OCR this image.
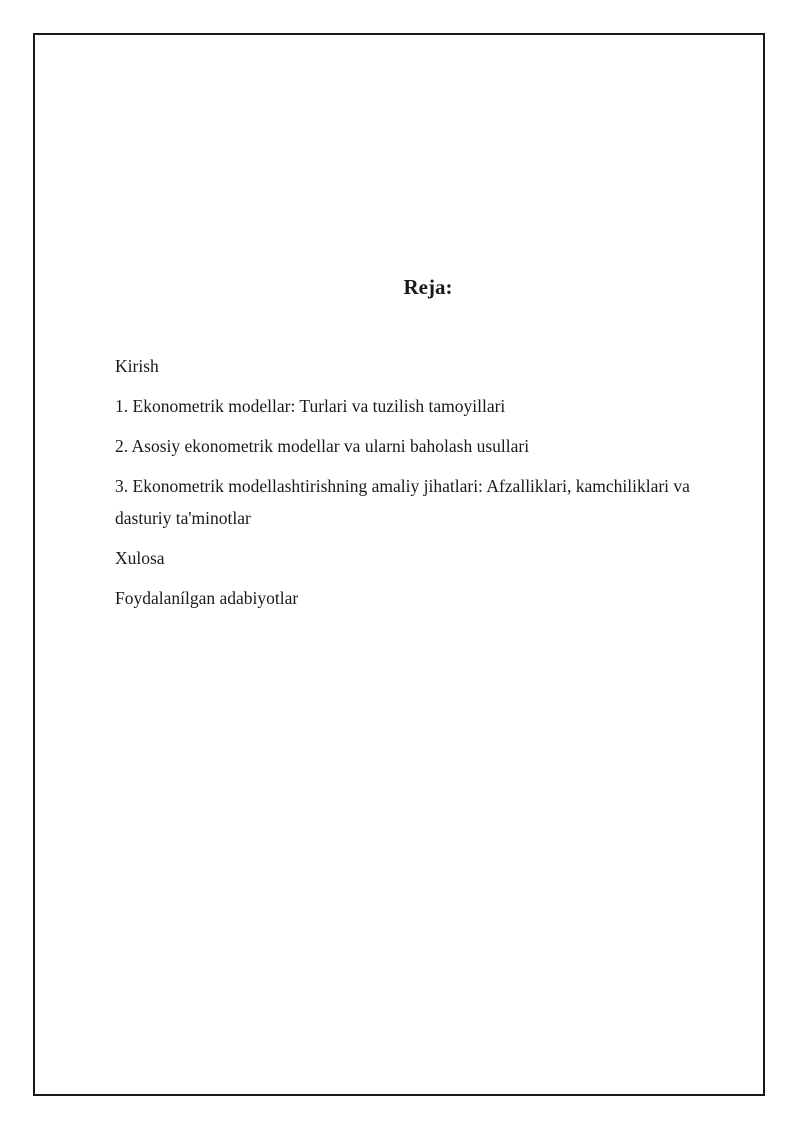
Reja:
Kirish
1. Ekonometrik modellar: Turlari va tuzilish tamoyillari
2. Asosiy ekonometrik modellar va ularni baholash usullari
3. Ekonometrik modellashtirishning amaliy jihatlari: Afzalliklari, kamchiliklari va dasturiy ta'minotlar
Xulosa
Foydalanílgan adabiyotlar
